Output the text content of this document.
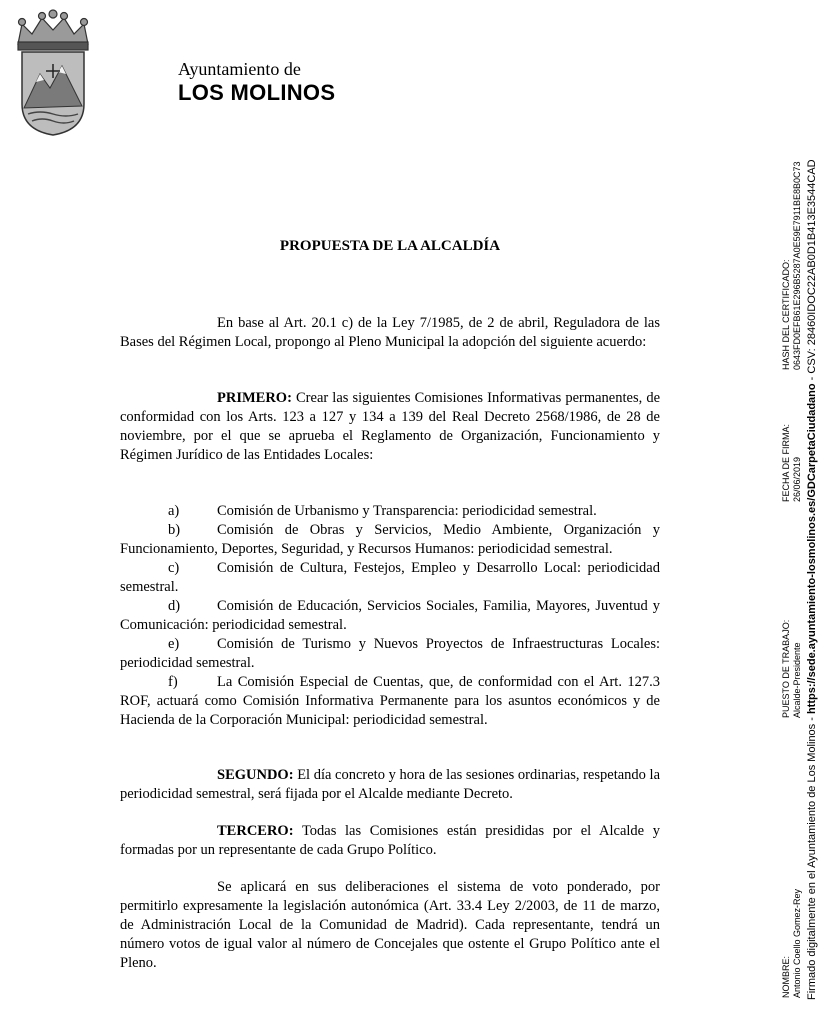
Ayuntamiento de
LOS MOLINOS
PROPUESTA DE LA ALCALDÍA

En base al Art. 20.1 c) de la Ley 7/1985, de 2 de abril, Reguladora de las Bases del Régimen Local, propongo al Pleno Municipal la adopción del siguiente acuerdo:

PRIMERO: Crear las siguientes Comisiones Informativas permanentes, de conformidad con los Arts. 123 a 127 y 134 a 139 del Real Decreto 2568/1986, de 28 de noviembre, por el que se aprueba el Reglamento de Organización, Funcionamiento y Régimen Jurídico de las Entidades Locales:

a)	Comisión de Urbanismo y Transparencia: periodicidad semestral.

b)	Comisión de Obras y Servicios, Medio Ambiente, Organización y Funcionamiento, Deportes, Seguridad, y Recursos Humanos: periodicidad semestral.

c)	Comisión de Cultura, Festejos, Empleo y Desarrollo Local: periodicidad semestral.

d)	Comisión de Educación, Servicios Sociales, Familia, Mayores, Juventud y Comunicación: periodicidad semestral.

e)	Comisión de Turismo y Nuevos Proyectos de Infraestructuras Locales: periodicidad semestral.

f)	La Comisión Especial de Cuentas, que, de conformidad con el Art. 127.3 ROF, actuará como Comisión Informativa Permanente para los asuntos económicos y de Hacienda de la Corporación Municipal: periodicidad semestral.

SEGUNDO: El día concreto y hora de las sesiones ordinarias, respetando la periodicidad semestral, será fijada por el Alcalde mediante Decreto.

TERCERO: Todas las Comisiones están presididas por el Alcalde y formadas por un representante de cada Grupo Político.

Se aplicará en sus deliberaciones el sistema de voto ponderado, por permitirlo expresamente la legislación autonómica (Art. 33.4 Ley 2/2003, de 11 de marzo, de Administración Local de la Comunidad de Madrid). Cada representante, tendrá un número votos de igual valor al número de Concejales que ostente el Grupo Político ante el Pleno.	NOMBRE: Antonio Coello Gomez-Rey
PUESTO DE TRABAJO: Alcalde-Presidente
FECHA DE FIRMA: 26/06/2019
HASH DEL CERTIFICADO: 0643FD0EFB61E296B5287A0E59E7911BE8B0C73
Firmado digitalmente en el Ayuntamiento de Los Molinos - https://sede.ayuntamiento-losmolinos.es/GDCarpetaCiudadano - CSV: 28460IDOC22AB0D1B413E3544CAD
